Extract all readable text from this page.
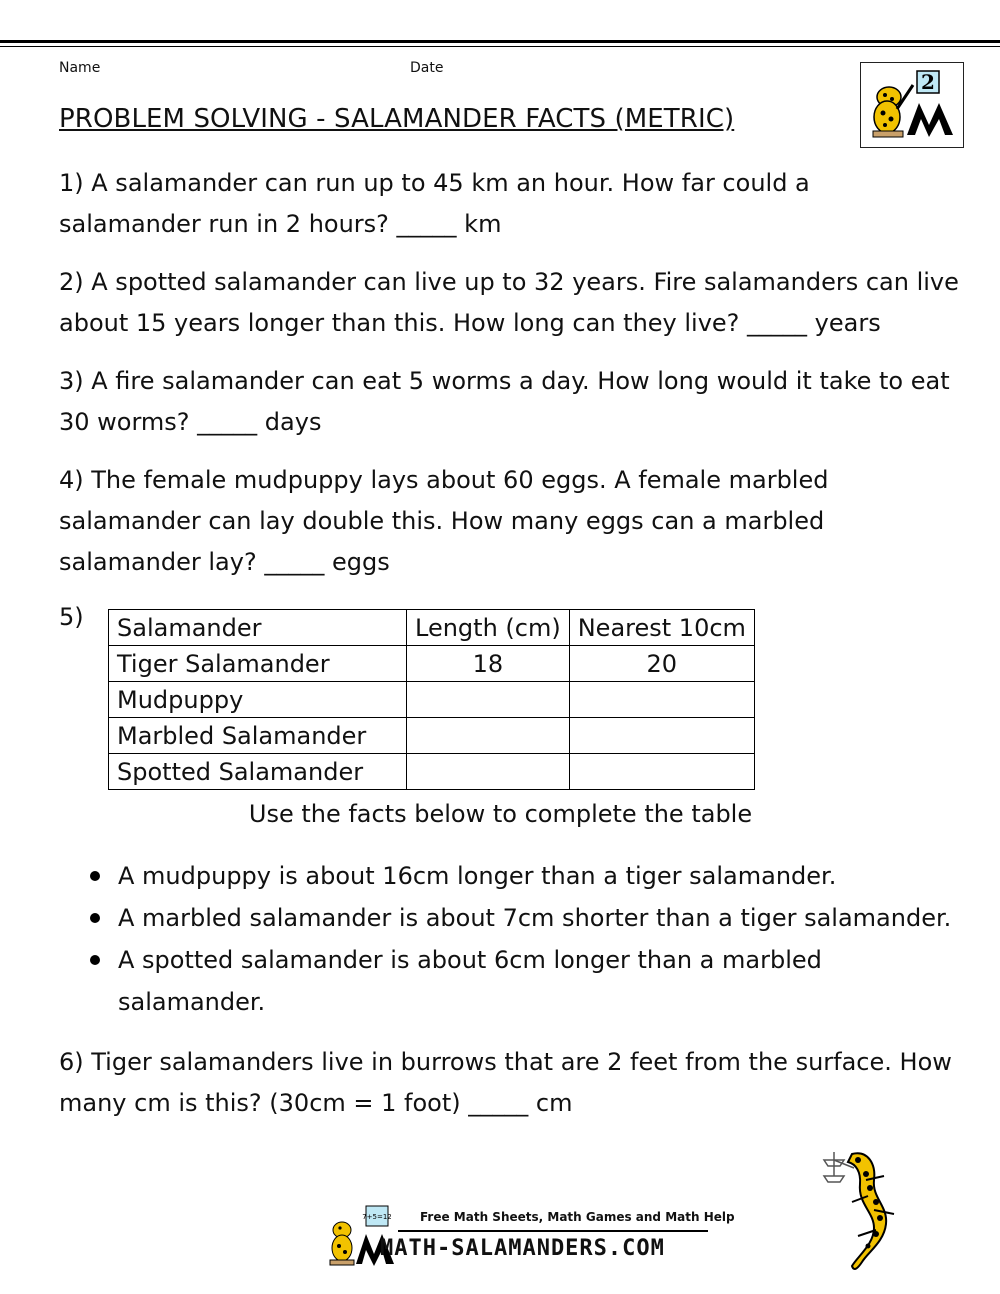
Name	Date
PROBLEM SOLVING - SALAMANDER FACTS (METRIC)
2
1) A salamander can run up to 45 km an hour. How far could a salamander run in 2 hours? _____ km
2) A spotted salamander can live up to 32 years. Fire salamanders can live about 15 years longer than this. How long can they live? _____ years
3) A fire salamander can eat 5 worms a day. How long would it take to eat 30 worms? _____ days
4) The female mudpuppy lays about 60 eggs. A female marbled salamander can lay double this. How many eggs can a marbled salamander lay? _____ eggs
5) Salamander	Length (cm)	Nearest 10cm
Tiger Salamander	18	20
Mudpuppy		
Marbled Salamander		
Spotted Salamander		
Use the facts below to complete the table
A mudpuppy is about 16cm longer than a tiger salamander.
A marbled salamander is about 7cm shorter than a tiger salamander.
A spotted salamander is about 6cm longer than a marbled salamander.
6) Tiger salamanders live in burrows that are 2 feet from the surface. How many cm is this? (30cm = 1 foot) _____ cm
7+5=12 Free Math Sheets, Math Games and Math Help
MATH-SALAMANDERS.COM
